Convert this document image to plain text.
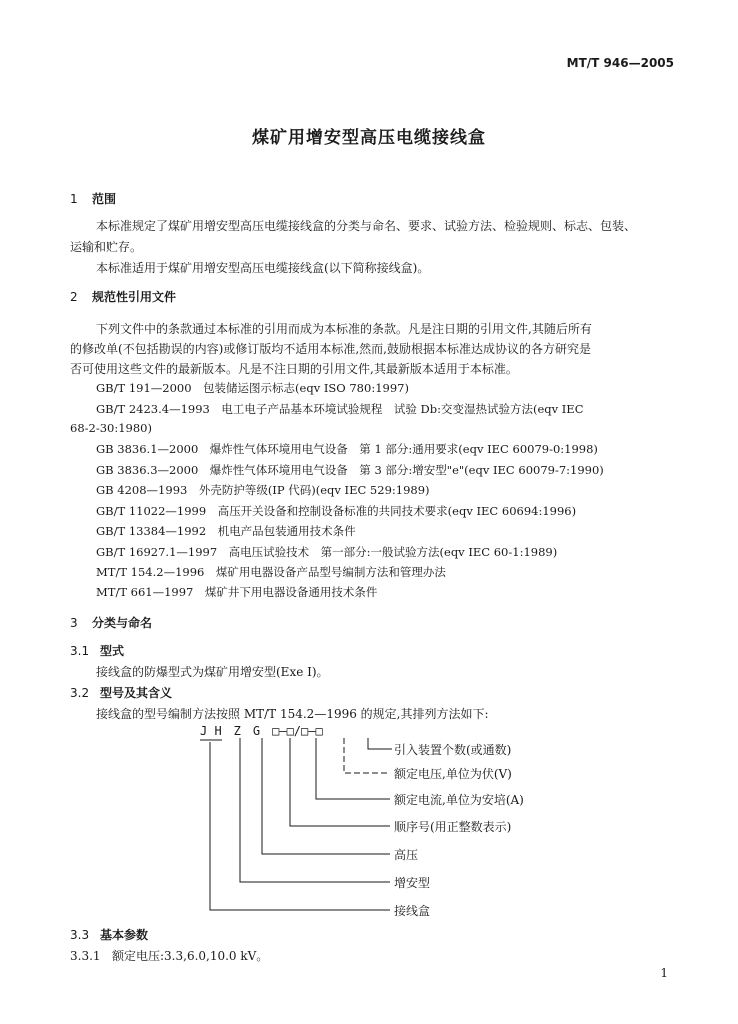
MT/T 946—2005
煤矿用增安型高压电缆接线盒
1 范围
本标准规定了煤矿用增安型高压电缆接线盒的分类与命名、要求、试验方法、检验规则、标志、包装、
运输和贮存。
本标准适用于煤矿用增安型高压电缆接线盒(以下简称接线盒)。
2 规范性引用文件
下列文件中的条款通过本标准的引用而成为本标准的条款。凡是注日期的引用文件,其随后所有
的修改单(不包括勘误的内容)或修订版均不适用本标准,然而,鼓励根据本标准达成协议的各方研究是
否可使用这些文件的最新版本。凡是不注日期的引用文件,其最新版本适用于本标准。
GB/T 191—2000　包装储运图示标志(eqv ISO 780:1997)
GB/T 2423.4—1993　电工电子产品基本环境试验规程　试验 Db:交变湿热试验方法(eqv IEC
68-2-30:1980)
GB 3836.1—2000　爆炸性气体环境用电气设备　第 1 部分:通用要求(eqv IEC 60079-0:1998)
GB 3836.3—2000　爆炸性气体环境用电气设备　第 3 部分:增安型"e"(eqv IEC 60079-7:1990)
GB 4208—1993　外壳防护等级(IP 代码)(eqv IEC 529:1989)
GB/T 11022—1999　高压开关设备和控制设备标准的共同技术要求(eqv IEC 60694:1996)
GB/T 13384—1992　机电产品包装通用技术条件
GB/T 16927.1—1997　高电压试验技术　第一部分:一般试验方法(eqv IEC 60-1:1989)
MT/T 154.2—1996　煤矿用电器设备产品型号编制方法和管理办法
MT/T 661—1997　煤矿井下用电器设备通用技术条件
3 分类与命名
3.1 型式
接线盒的防爆型式为煤矿用增安型(Exe I)。
3.2 型号及其含义
接线盒的型号编制方法按照 MT/T 154.2—1996 的规定,其排列方法如下:
J H　Z　G　□—□/□—□
引入装置个数(或通数)
额定电压,单位为伏(V)
额定电流,单位为安培(A)
顺序号(用正整数表示)
高压
增安型
接线盒
3.3 基本参数
3.3.1 额定电压:3.3,6.0,10.0 kV。
1
